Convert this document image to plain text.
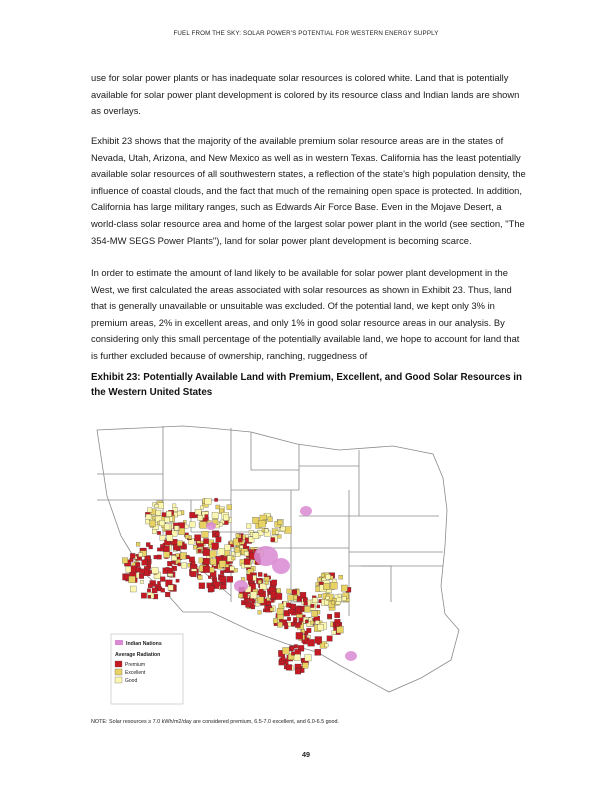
FUEL FROM THE SKY: SOLAR POWER'S POTENTIAL FOR WESTERN ENERGY SUPPLY

use for solar power plants or has inadequate solar resources is colored white. Land that is potentially available for solar power plant development is colored by its resource class and Indian lands are shown as overlays.

Exhibit 23 shows that the majority of the available premium solar resource areas are in the states of Nevada, Utah, Arizona, and New Mexico as well as in western Texas. California has the least potentially available solar resources of all southwestern states, a reflection of the state's high population density, the influence of coastal clouds, and the fact that much of the remaining open space is protected. In addition, California has large military ranges, such as Edwards Air Force Base. Even in the Mojave Desert, a world-class solar resource area and home of the largest solar power plant in the world (see section, "The 354-MW SEGS Power Plants"), land for solar power plant development is becoming scarce.

In order to estimate the amount of land likely to be available for solar power plant development in the West, we first calculated the areas associated with solar resources as shown in Exhibit 23. Thus, land that is generally unavailable or unsuitable was excluded. Of the potential land, we kept only 3% in premium areas, 2% in excellent areas, and only 1% in good solar resource areas in our analysis. By considering only this small percentage of the potentially available land, we hope to account for land that is further excluded because of ownership, ranching, ruggedness of

Exhibit 23: Potentially Available Land with Premium, Excellent, and Good Solar Resources in the Western United States
Indian Nations
Average Radiation
Premium
Excellent
Good
NOTE: Solar resources ≥ 7.0 kWh/m2/day are considered premium, 6.5-7.0 excellent, and 6.0-6.5 good.
49
